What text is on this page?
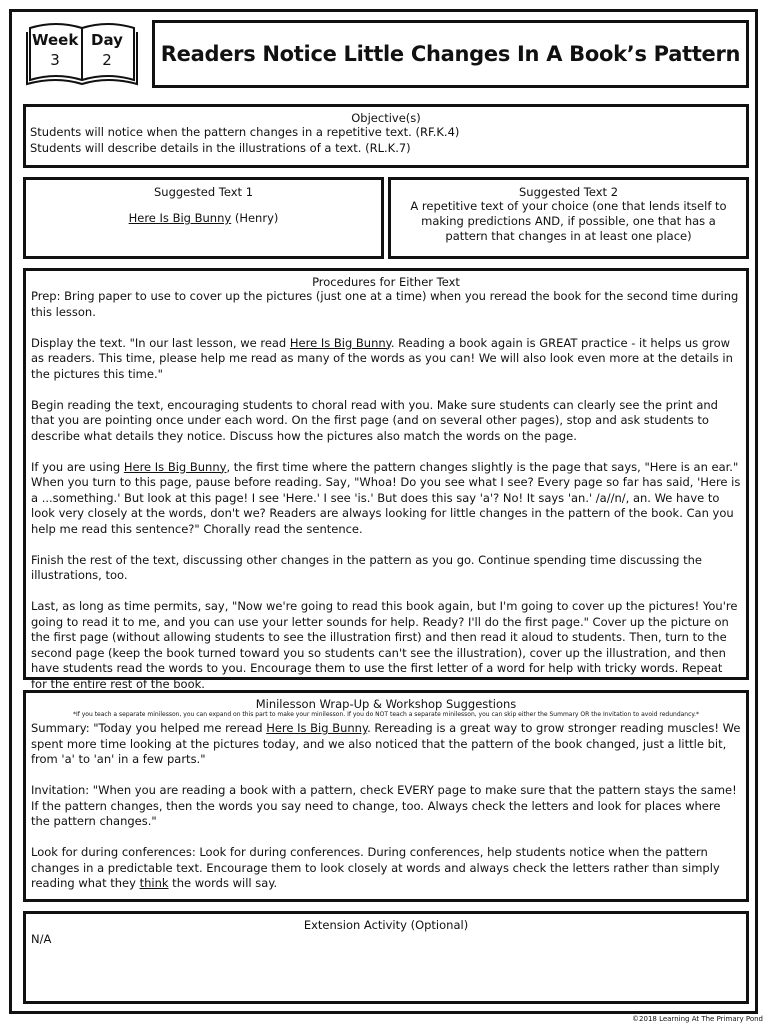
Week
3
Day
2	Readers Notice Little Changes In A Book’s Pattern
Objective(s)
Students will notice when the pattern changes in a repetitive text. (RF.K.4)
Students will describe details in the illustrations of a text. (RL.K.7)
Suggested Text 1
Here Is Big Bunny (Henry)
Suggested Text 2
A repetitive text of your choice (one that lends itself to making predictions AND, if possible, one that has a pattern that changes in at least one place)
Procedures for Either Text

Prep: Bring paper to use to cover up the pictures (just one at a time) when you reread the book for the second time during this lesson.

Display the text. "In our last lesson, we read Here Is Big Bunny. Reading a book again is GREAT practice - it helps us grow as readers. This time, please help me read as many of the words as you can! We will also look even more at the details in the pictures this time."

Begin reading the text, encouraging students to choral read with you. Make sure students can clearly see the print and that you are pointing once under each word. On the first page (and on several other pages), stop and ask students to describe what details they notice. Discuss how the pictures also match the words on the page.

If you are using Here Is Big Bunny, the first time where the pattern changes slightly is the page that says, "Here is an ear." When you turn to this page, pause before reading. Say, "Whoa! Do you see what I see? Every page so far has said, 'Here is a ...something.' But look at this page! I see 'Here.' I see 'is.' But does this say 'a'? No! It says 'an.' /a//n/, an. We have to look very closely at the words, don't we? Readers are always looking for little changes in the pattern of the book. Can you help me read this sentence?" Chorally read the sentence.

Finish the rest of the text, discussing other changes in the pattern as you go. Continue spending time discussing the illustrations, too.

Last, as long as time permits, say, "Now we're going to read this book again, but I'm going to cover up the pictures! You're going to read it to me, and you can use your letter sounds for help. Ready? I'll do the first page." Cover up the picture on the first page (without allowing students to see the illustration first) and then read it aloud to students. Then, turn to the second page (keep the book turned toward you so students can't see the illustration), cover up the illustration, and then have students read the words to you. Encourage them to use the first letter of a word for help with tricky words. Repeat for the entire rest of the book.

Minilesson Wrap-Up & Workshop Suggestions
*If you teach a separate minilesson, you can expand on this part to make your minilesson. If you do NOT teach a separate minilesson, you can skip either the Summary OR the Invitation to avoid redundancy.*

Summary: "Today you helped me reread Here Is Big Bunny. Rereading is a great way to grow stronger reading muscles! We spent more time looking at the pictures today, and we also noticed that the pattern of the book changed, just a little bit, from 'a' to 'an' in a few parts."

Invitation: "When you are reading a book with a pattern, check EVERY page to make sure that the pattern stays the same! If the pattern changes, then the words you say need to change, too. Always check the letters and look for places where the pattern changes."

Look for during conferences: Look for during conferences. During conferences, help students notice when the pattern changes in a predictable text. Encourage them to look closely at words and always check the letters rather than simply reading what they think the words will say.

Extension Activity (Optional)
N/A
©2018 Learning At The Primary Pond
